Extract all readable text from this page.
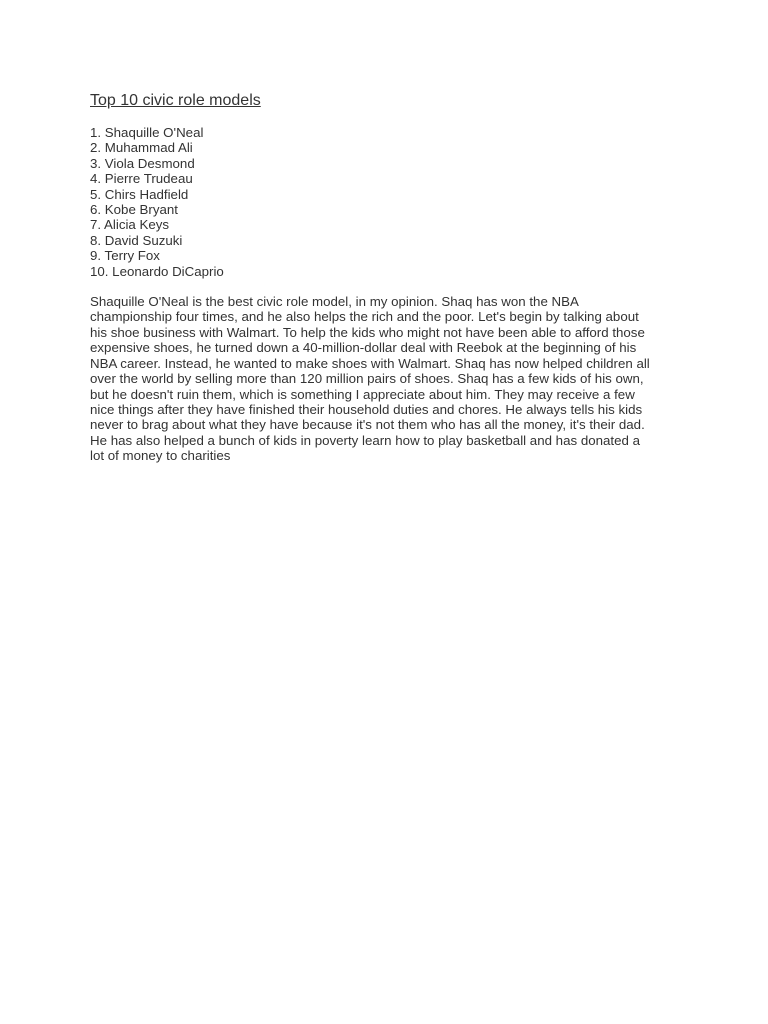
Top 10 civic role models
1. Shaquille O'Neal
2. Muhammad Ali
3. Viola Desmond
4. Pierre Trudeau
5. Chirs Hadfield
6. Kobe Bryant
7. Alicia Keys
8. David Suzuki
9. Terry Fox
10. Leonardo DiCaprio

Shaquille O'Neal is the best civic role model, in my opinion. Shaq has won the NBA
championship four times, and he also helps the rich and the poor. Let's begin by talking about
his shoe business with Walmart. To help the kids who might not have been able to afford those
expensive shoes, he turned down a 40-million-dollar deal with Reebok at the beginning of his
NBA career. Instead, he wanted to make shoes with Walmart. Shaq has now helped children all
over the world by selling more than 120 million pairs of shoes. Shaq has a few kids of his own,
but he doesn't ruin them, which is something I appreciate about him. They may receive a few
nice things after they have finished their household duties and chores. He always tells his kids
never to brag about what they have because it's not them who has all the money, it's their dad.
He has also helped a bunch of kids in poverty learn how to play basketball and has donated a
lot of money to charities
